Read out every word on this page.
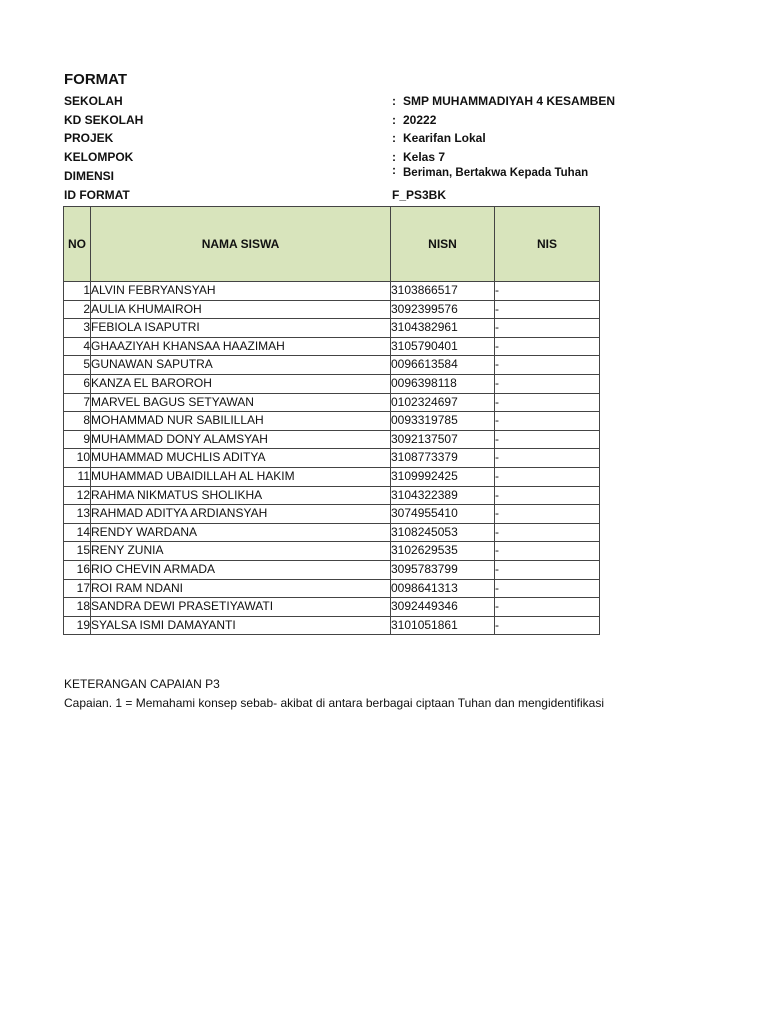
FORMAT
SEKOLAH	: SMP MUHAMMADIYAH 4 KESAMBEN
KD SEKOLAH	: 20222
PROJEK	: Kearifan Lokal
KELOMPOK	: Kelas 7
DIMENSI	: Beriman, Bertakwa Kepada Tuhan
ID FORMAT	F_PS3BK
NO	NAMA SISWA	NISN	NIS
1	ALVIN FEBRYANSYAH	3103866517	-
2	AULIA KHUMAIROH	3092399576	-
3	FEBIOLA ISAPUTRI	3104382961	-
4	GHAAZIYAH KHANSAA HAAZIMAH	3105790401	-
5	GUNAWAN SAPUTRA	0096613584	-
6	KANZA EL BAROROH	0096398118	-
7	MARVEL BAGUS SETYAWAN	0102324697	-
8	MOHAMMAD NUR SABILILLAH	0093319785	-
9	MUHAMMAD DONY ALAMSYAH	3092137507	-
10	MUHAMMAD MUCHLIS ADITYA	3108773379	-
11	MUHAMMAD UBAIDILLAH AL HAKIM	3109992425	-
12	RAHMA NIKMATUS SHOLIKHA	3104322389	-
13	RAHMAD ADITYA ARDIANSYAH	3074955410	-
14	RENDY WARDANA	3108245053	-
15	RENY ZUNIA	3102629535	-
16	RIO CHEVIN ARMADA	3095783799	-
17	ROI RAM NDANI	0098641313	-
18	SANDRA DEWI PRASETIYAWATI	3092449346	-
19	SYALSA ISMI DAMAYANTI	3101051861	-
KETERANGAN CAPAIAN P3
Capaian. 1 = Memahami konsep sebab- akibat di antara berbagai ciptaan Tuhan dan mengidentifikasi
